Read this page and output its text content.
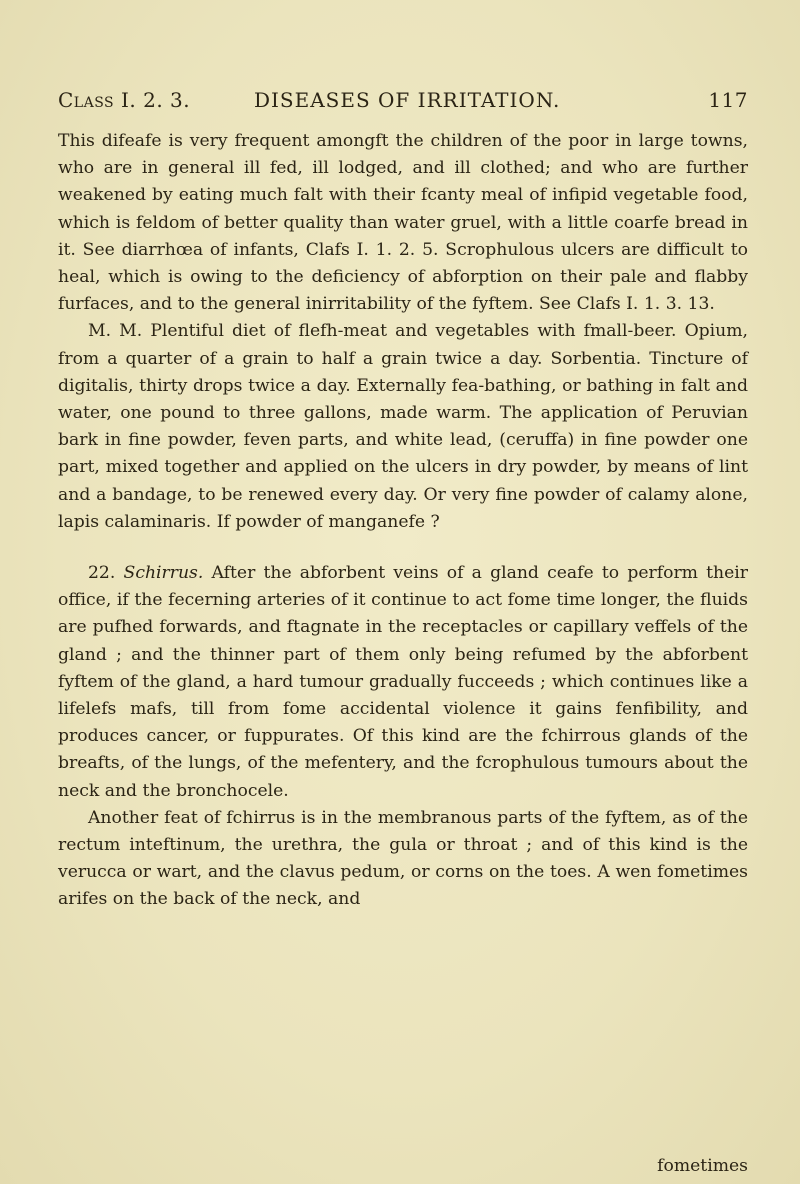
Class I. 2. 3.	DISEASES OF IRRITATION.	117

This difeafe is very frequent amongft the children of the poor in large towns, who are in general ill fed, ill lodged, and ill clothed; and who are further weakened by eating much falt with their fcanty meal of infipid vegetable food, which is feldom of better quality than water gruel, with a little coarfe bread in it. See diarrhœa of infants, Clafs I. 1. 2. 5. Scrophulous ulcers are difficult to heal, which is owing to the deficiency of abforption on their pale and flabby furfaces, and to the general inirritability of the fyftem. See Clafs I. 1. 3. 13.

M. M. Plentiful diet of flefh-meat and vegetables with fmall-beer. Opium, from a quarter of a grain to half a grain twice a day. Sorbentia. Tincture of digitalis, thirty drops twice a day. Externally fea-bathing, or bathing in falt and water, one pound to three gallons, made warm. The application of Peruvian bark in fine powder, feven parts, and white lead, (ceruffa) in fine powder one part, mixed together and applied on the ulcers in dry powder, by means of lint and a bandage, to be renewed every day. Or very fine powder of calamy alone, lapis calaminaris. If powder of manganefe ?

22. Schirrus. After the abforbent veins of a gland ceafe to perform their office, if the fecerning arteries of it continue to act fome time longer, the fluids are pufhed forwards, and ftagnate in the receptacles or capillary veffels of the gland ; and the thinner part of them only being refumed by the abforbent fyftem of the gland, a hard tumour gradually fucceeds ; which continues like a lifelefs mafs, till from fome accidental violence it gains fenfibility, and produces cancer, or fuppurates. Of this kind are the fchirrous glands of the breafts, of the lungs, of the mefentery, and the fcrophulous tumours about the neck and the bronchocele.

Another feat of fchirrus is in the membranous parts of the fyftem, as of the rectum inteftinum, the urethra, the gula or throat ; and of this kind is the verucca or wart, and the clavus pedum, or corns on the toes. A wen fometimes arifes on the back of the neck, and

fometimes
